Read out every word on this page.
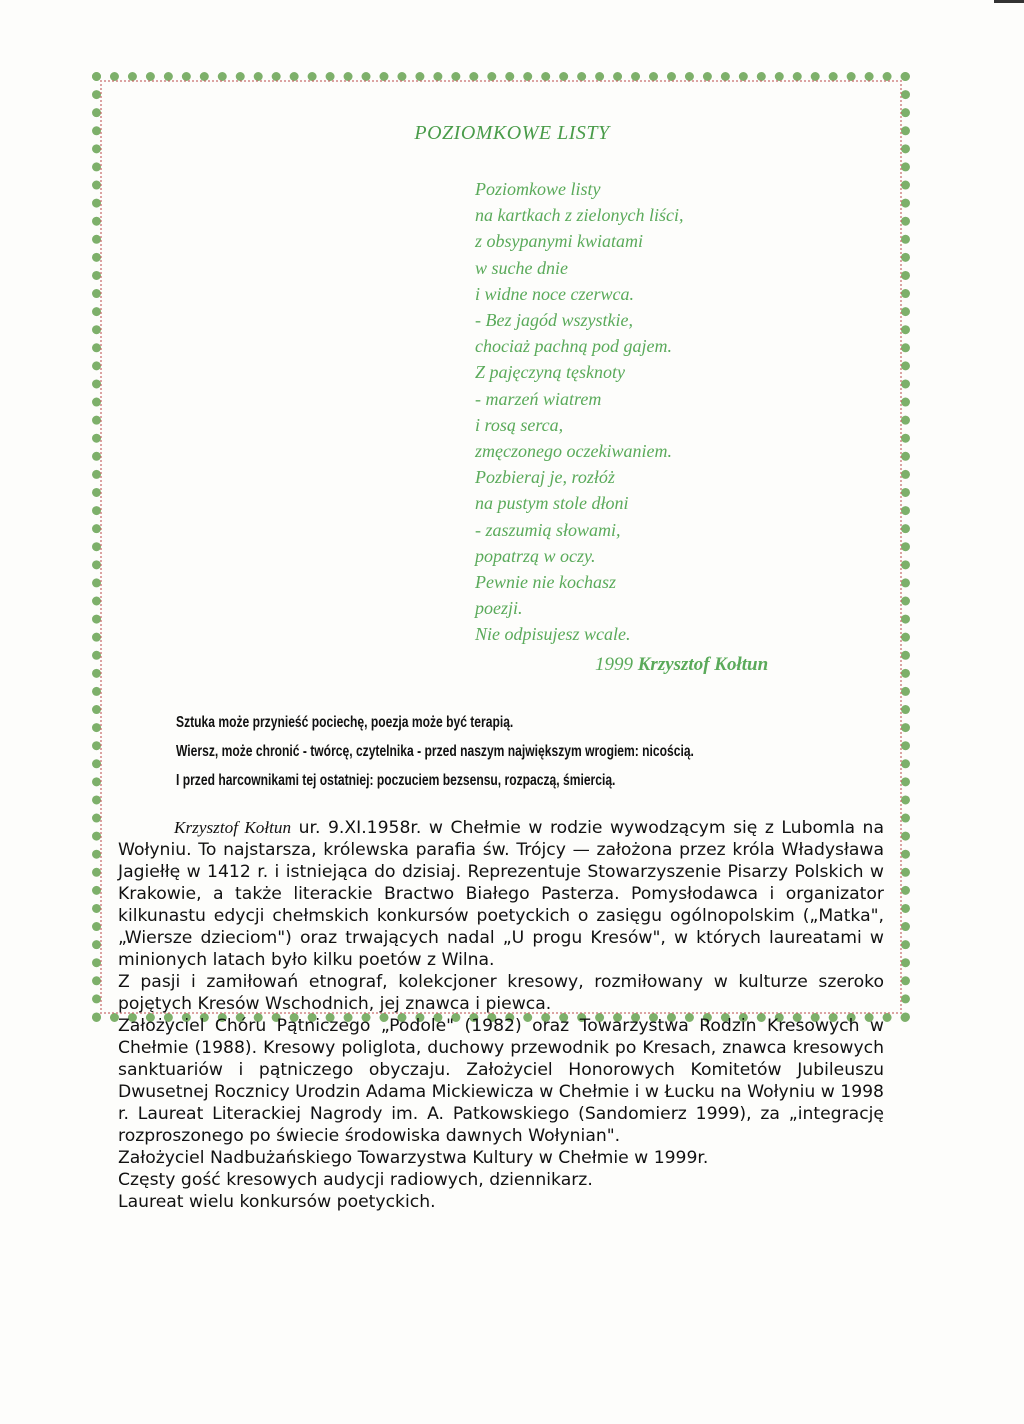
POZIOMKOWE LISTY
Poziomkowe listy
na kartkach z zielonych liści,
z obsypanymi kwiatami
w suche dnie
i widne noce czerwca.
- Bez jagód wszystkie,
chociaż pachną pod gajem.
Z pajęczyną tęsknoty
- marzeń wiatrem
i rosą serca,
zmęczonego oczekiwaniem.
Pozbieraj je, rozłóż
na pustym stole dłoni
- zaszumią słowami,
popatrzą w oczy.
Pewnie nie kochasz
poezji.
Nie odpisujesz wcale.
1999 Krzysztof Kołtun
Sztuka może przynieść pociechę, poezja może być terapią.
Wiersz, może chronić - twórcę, czytelnika - przed naszym największym wrogiem: nicością.
I przed harcownikami tej ostatniej: poczuciem bezsensu, rozpaczą, śmiercią.

Krzysztof Kołtun ur. 9.XI.1958r. w Chełmie w rodzie wywodzącym się z Lubomla na Wołyniu. To najstarsza, królewska parafia św. Trójcy — założona przez króla Władysława Jagiełłę w 1412 r. i istniejąca do dzisiaj. Reprezentuje Stowarzyszenie Pisarzy Polskich w Krakowie, a także literackie Bractwo Białego Pasterza. Pomysłodawca i organizator kilkunastu edycji chełmskich konkursów poetyckich o zasięgu ogólnopolskim („Matka", „Wiersze dzieciom") oraz trwających nadal „U progu Kresów", w których laureatami w minionych latach było kilku poetów z Wilna.

Z pasji i zamiłowań etnograf, kolekcjoner kresowy, rozmiłowany w kulturze szeroko pojętych Kresów Wschodnich, jej znawca i piewca.

Założyciel Chóru Pątniczego „Podole" (1982) oraz Towarzystwa Rodzin Kresowych w Chełmie (1988). Kresowy poliglota, duchowy przewodnik po Kresach, znawca kresowych sanktuariów i pątniczego obyczaju. Założyciel Honorowych Komitetów Jubileuszu Dwusetnej Rocznicy Urodzin Adama Mickiewicza w Chełmie i w Łucku na Wołyniu w 1998 r. Laureat Literackiej Nagrody im. A. Patkowskiego (Sandomierz 1999), za „integrację rozproszonego po świecie środowiska dawnych Wołynian".

Założyciel Nadbużańskiego Towarzystwa Kultury w Chełmie w 1999r.

Częsty gość kresowych audycji radiowych, dziennikarz.

Laureat wielu konkursów poetyckich.
